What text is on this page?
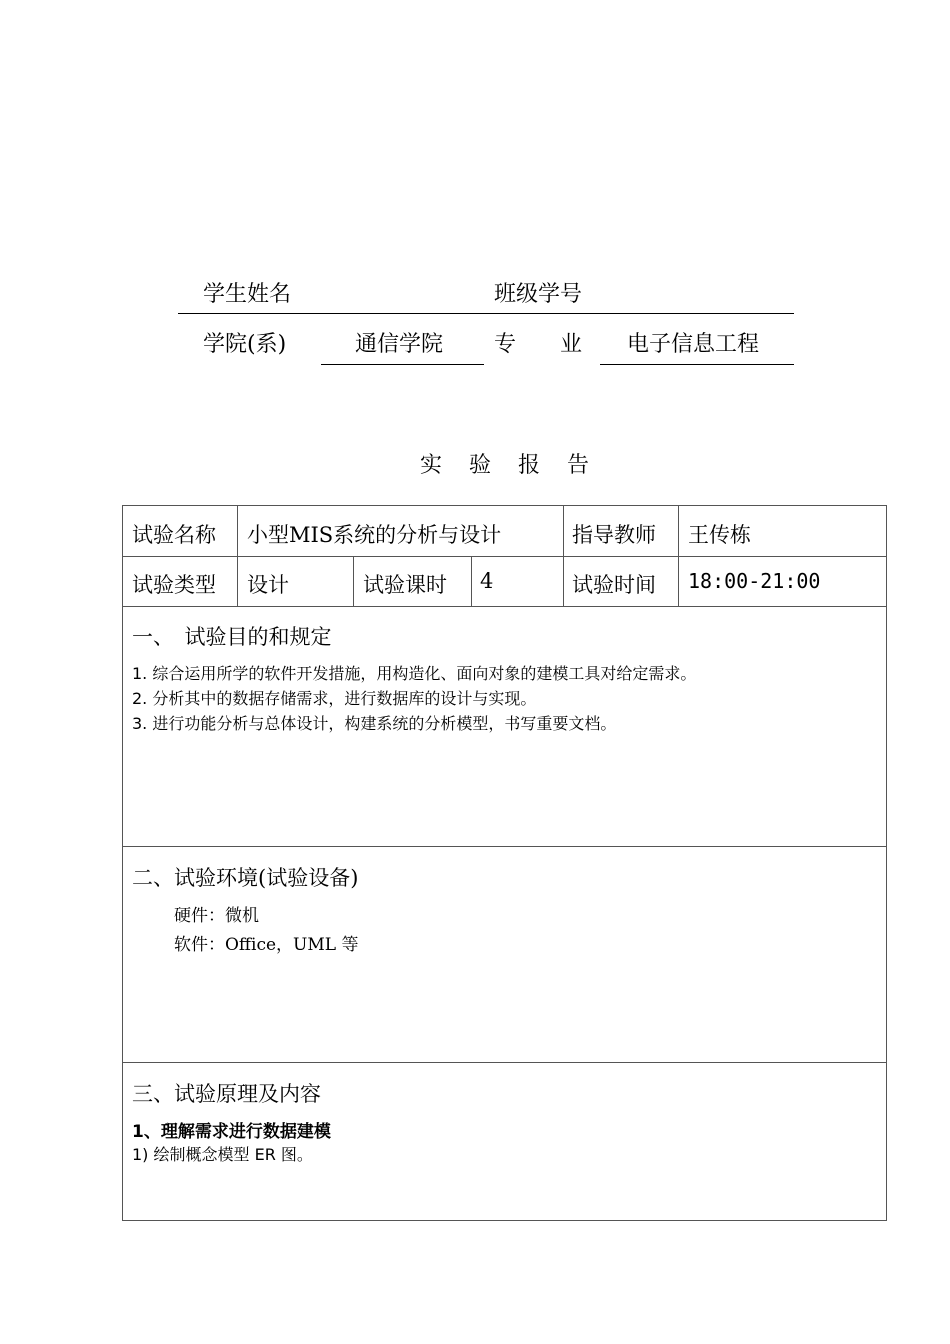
学生姓名	班级学号
学院(系)	通信学院 专　　业 电子信息工程
实 验 报 告
试验名称 小型MIS系统的分析与设计	指导教师 王传栋
试验类型 设计	试验课时 4	试验时间 18:00-21:00
一、　试验目的和规定
1. 综合运用所学的软件开发措施，用构造化、面向对象的建模工具对给定需求。
2. 分析其中的数据存储需求，进行数据库的设计与实现。
3. 进行功能分析与总体设计，构建系统的分析模型，书写重要文档。
二、试验环境(试验设备)
硬件：微机
软件：Office，UML 等
三、试验原理及内容
1、理解需求进行数据建模
1) 绘制概念模型 ER 图。
